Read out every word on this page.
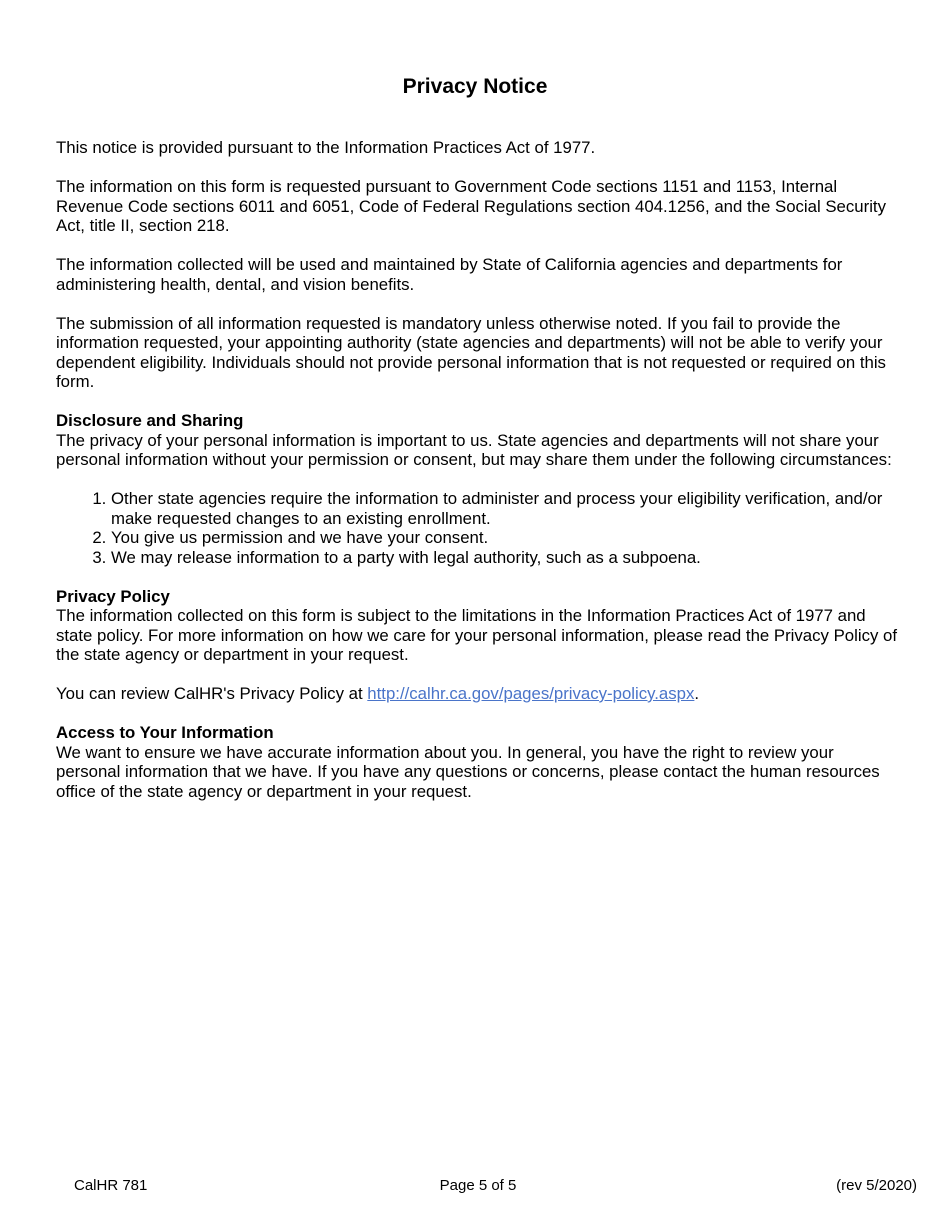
Privacy Notice

This notice is provided pursuant to the Information Practices Act of 1977.

The information on this form is requested pursuant to Government Code sections 1151 and 1153, Internal Revenue Code sections 6011 and 6051, Code of Federal Regulations section 404.1256, and the Social Security Act, title II, section 218.

The information collected will be used and maintained by State of California agencies and departments for administering health, dental, and vision benefits.

The submission of all information requested is mandatory unless otherwise noted. If you fail to provide the information requested, your appointing authority (state agencies and departments) will not be able to verify your dependent eligibility. Individuals should not provide personal information that is not requested or required on this form.

Disclosure and Sharing

The privacy of your personal information is important to us. State agencies and departments will not share your personal information without your permission or consent, but may share them under the following circumstances:

1. Other state agencies require the information to administer and process your eligibility verification, and/or make requested changes to an existing enrollment.
2. You give us permission and we have your consent.
3. We may release information to a party with legal authority, such as a subpoena.
Privacy Policy

The information collected on this form is subject to the limitations in the Information Practices Act of 1977 and state policy. For more information on how we care for your personal information, please read the Privacy Policy of the state agency or department in your request.

You can review CalHR's Privacy Policy at http://calhr.ca.gov/pages/privacy-policy.aspx.

Access to Your Information

We want to ensure we have accurate information about you. In general, you have the right to review your personal information that we have. If you have any questions or concerns, please contact the human resources office of the state agency or department in your request.

CalHR 781	Page 5 of 5	(rev 5/2020)
